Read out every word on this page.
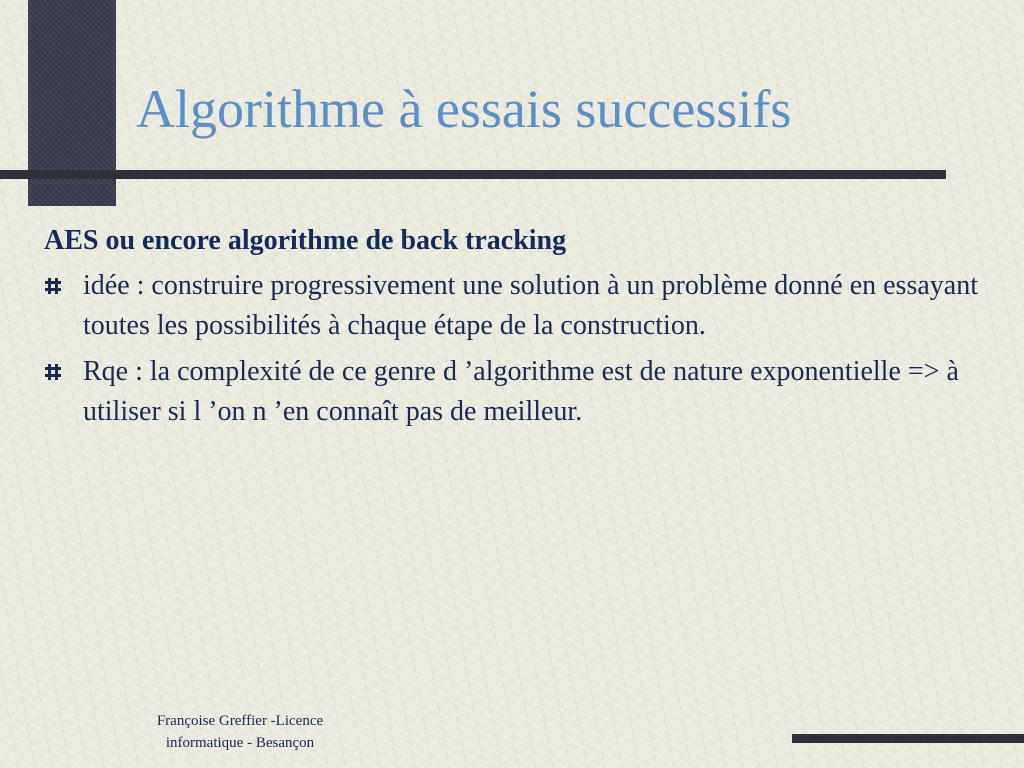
Algorithme à essais successifs

AES ou encore algorithme de back tracking

idée : construire progressivement une solution à un problème donné en essayant toutes les possibilités à chaque étape de la construction.
Rqe : la complexité de ce genre d ’algorithme est de nature exponentielle => à utiliser si l ’on n ’en connaît pas de meilleur.
Françoise Greffier -Licence
informatique - Besançon
